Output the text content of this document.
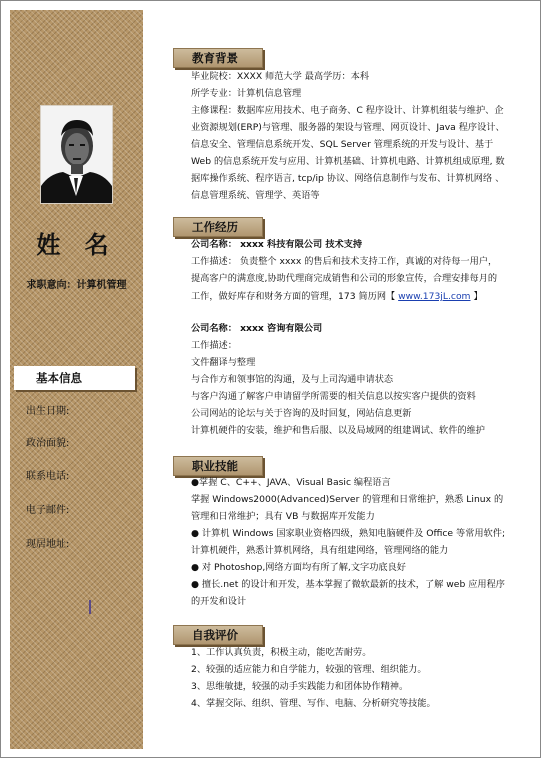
姓 名
求职意向：计算机管理
基本信息
出生日期:
政治面貌:
联系电话:
电子邮件:
现居地址:
教育背景
毕业院校：XXXX 师范大学 最高学历：本科
所学专业：计算机信息管理
主修课程：数据库应用技术、电子商务、C 程序设计、计算机组装与维护、企
业资源规划(ERP)与管理、服务器的架设与管理、网页设计、Java 程序设计、
信息安全、管理信息系统开发、SQL Server 管理系统的开发与设计、基于
Web 的信息系统开发与应用、计算机基础、计算机电路、计算机组成原理, 数
据库操作系统、程序语言, tcp/ip 协议、网络信息制作与发布、计算机网络 、
信息管理系统、管理学、英语等
工作经历
公司名称： xxxx 科技有限公司 技术支持
工作描述： 负责整个 xxxx 的售后和技术支持工作，真诚的对待每一用户，
提高客户的满意度,协助代理商完成销售和公司的形象宣传，合理安排每月的
工作，做好库存和财务方面的管理，173 简历网【 www.173jL.com 】
公司名称： xxxx 咨询有限公司
工作描述：
文件翻译与整理
与合作方和领事馆的沟通，及与上司沟通申请状态
与客户沟通了解客户申请留学所需要的相关信息以按实客户提供的资料
公司网站的论坛与关于咨询的及时回复，网站信息更新
计算机硬件的安装，维护和售后服、以及局域网的组建调试、软件的维护
职业技能
●掌握 C、C++、JAVA、Visual Basic 编程语言
掌握 Windows2000(Advanced)Server 的管理和日常维护，熟悉 Linux 的
管理和日常维护；具有 VB 与数据库开发能力
● 计算机 Windows 国家职业资格四级，熟知电脑硬件及 Office 等常用软件;
计算机硬件，熟悉计算机网络，具有组建网络，管理网络的能力
● 对 Photoshop,网络方面均有所了解,文字功底良好
● 擅长.net 的设计和开发，基本掌握了微软最新的技术，了解 web 应用程序
的开发和设计
自我评价
1、工作认真负责，积极主动，能吃苦耐劳。
2、较强的适应能力和自学能力，较强的管理、组织能力。
3、思维敏捷，较强的动手实践能力和团体协作精神。
4、掌握交际、组织、管理、写作、电脑、分析研究等技能。
